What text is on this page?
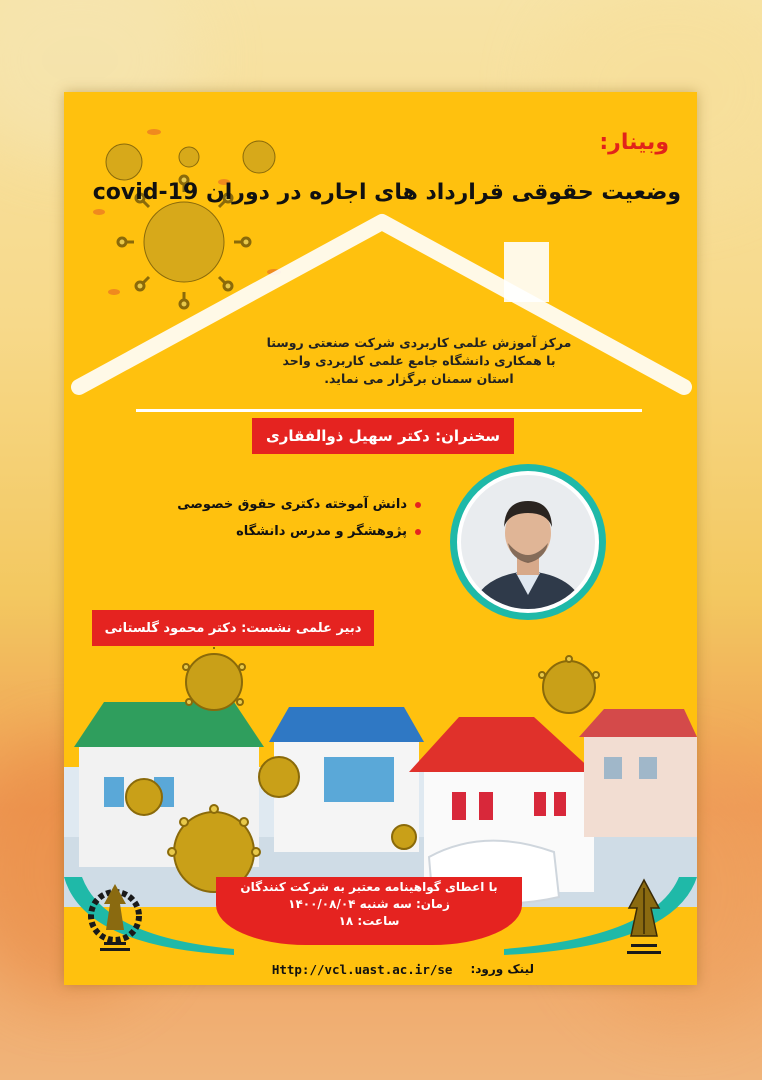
وبینار:
وضعیت حقوقی قرارداد های اجاره در دوران covid-19
مرکز آموزش علمی کاربردی شرکت صنعتی روستا
با همکاری دانشگاه جامع علمی کاربردی واحد
استان سمنان برگزار می نماید.
سخنران: دکتر سهیل ذوالفقاری
دانش آموخته دکتری حقوق خصوصی
پژوهشگر و مدرس دانشگاه
دبیر علمی نشست: دکتر محمود گلستانی
با اعطای گواهینامه معتبر به شرکت کنندگان
زمان: سه شنبه ۱۴۰۰/۰۸/۰۴
ساعت: ۱۸
لینک ورود:
Http://vcl.uast.ac.ir/se
